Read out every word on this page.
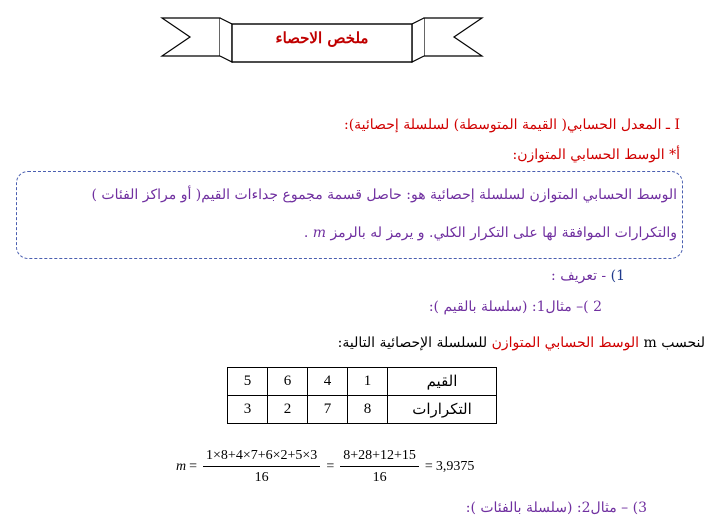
ملخص الاحصاء
I ـ المعدل الحسابي( القيمة المتوسطة) لسلسلة إحصائية):
أ* الوسط الحسابي المتوازن:
الوسط الحسابي المتوازن لسلسلة إحصائية هو: حاصل قسمة مجموع جداءات القيم( أو مراكز الفئات )
والتكرارات الموافقة لها على التكرار الكلي. و يرمز له بالرمز m .
1) - تعريف :
2 )– مثال1: (سلسلة بالقيم ):
لنحسب m الوسط الحسابي المتوازن للسلسلة الإحصائية التالية:
5	6	4	1	القيم
3	2	7	8	التكرارات
$m = \frac{1\times 8+4\times 7+6\times 2+5\times 3}{16} = \frac{8+28+12+15}{16} = 3,9375$
3) – مثال2: (سلسلة بالفئات ):
